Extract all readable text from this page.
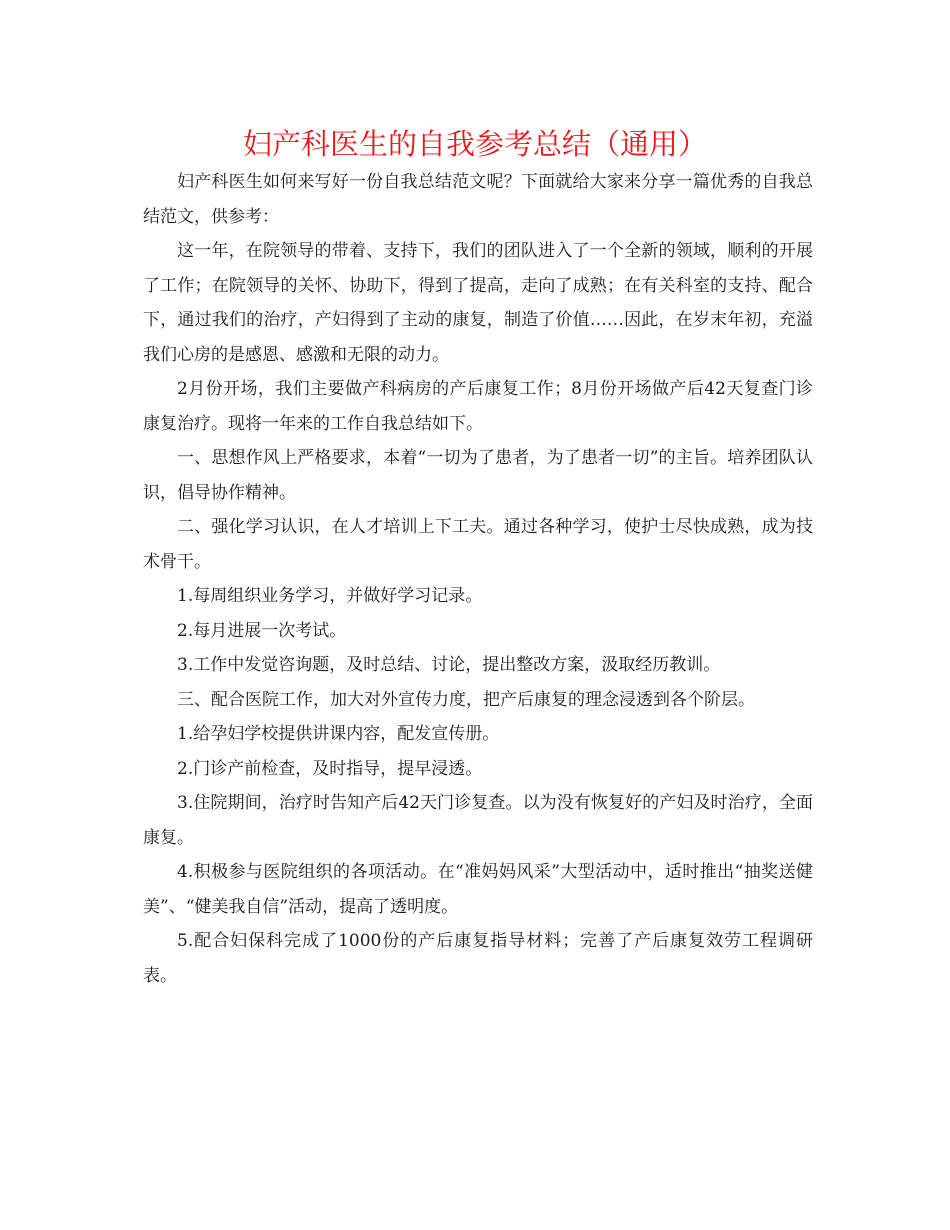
妇产科医生的自我参考总结（通用）

妇产科医生如何来写好一份自我总结范文呢？下面就给大家来分享一篇优秀的自我总结范文，供参考：

这一年，在院领导的带着、支持下，我们的团队进入了一个全新的领域，顺利的开展了工作；在院领导的关怀、协助下，得到了提高，走向了成熟；在有关科室的支持、配合下，通过我们的治疗，产妇得到了主动的康复，制造了价值……因此，在岁末年初，充溢我们心房的是感恩、感激和无限的动力。

2月份开场，我们主要做产科病房的产后康复工作；8月份开场做产后42天复查门诊康复治疗。现将一年来的工作自我总结如下。

一、思想作风上严格要求，本着“一切为了患者，为了患者一切”的主旨。培养团队认识，倡导协作精神。

二、强化学习认识，在人才培训上下工夫。通过各种学习，使护士尽快成熟，成为技术骨干。

1.每周组织业务学习，并做好学习记录。

2.每月进展一次考试。

3.工作中发觉咨询题，及时总结、讨论，提出整改方案，汲取经历教训。

三、配合医院工作，加大对外宣传力度，把产后康复的理念浸透到各个阶层。

1.给孕妇学校提供讲课内容，配发宣传册。

2.门诊产前检查，及时指导，提早浸透。

3.住院期间，治疗时告知产后42天门诊复查。以为没有恢复好的产妇及时治疗，全面康复。

4.积极参与医院组织的各项活动。在“准妈妈风采”大型活动中，适时推出“抽奖送健美”、“健美我自信”活动，提高了透明度。

5.配合妇保科完成了1000份的产后康复指导材料；完善了产后康复效劳工程调研表。
